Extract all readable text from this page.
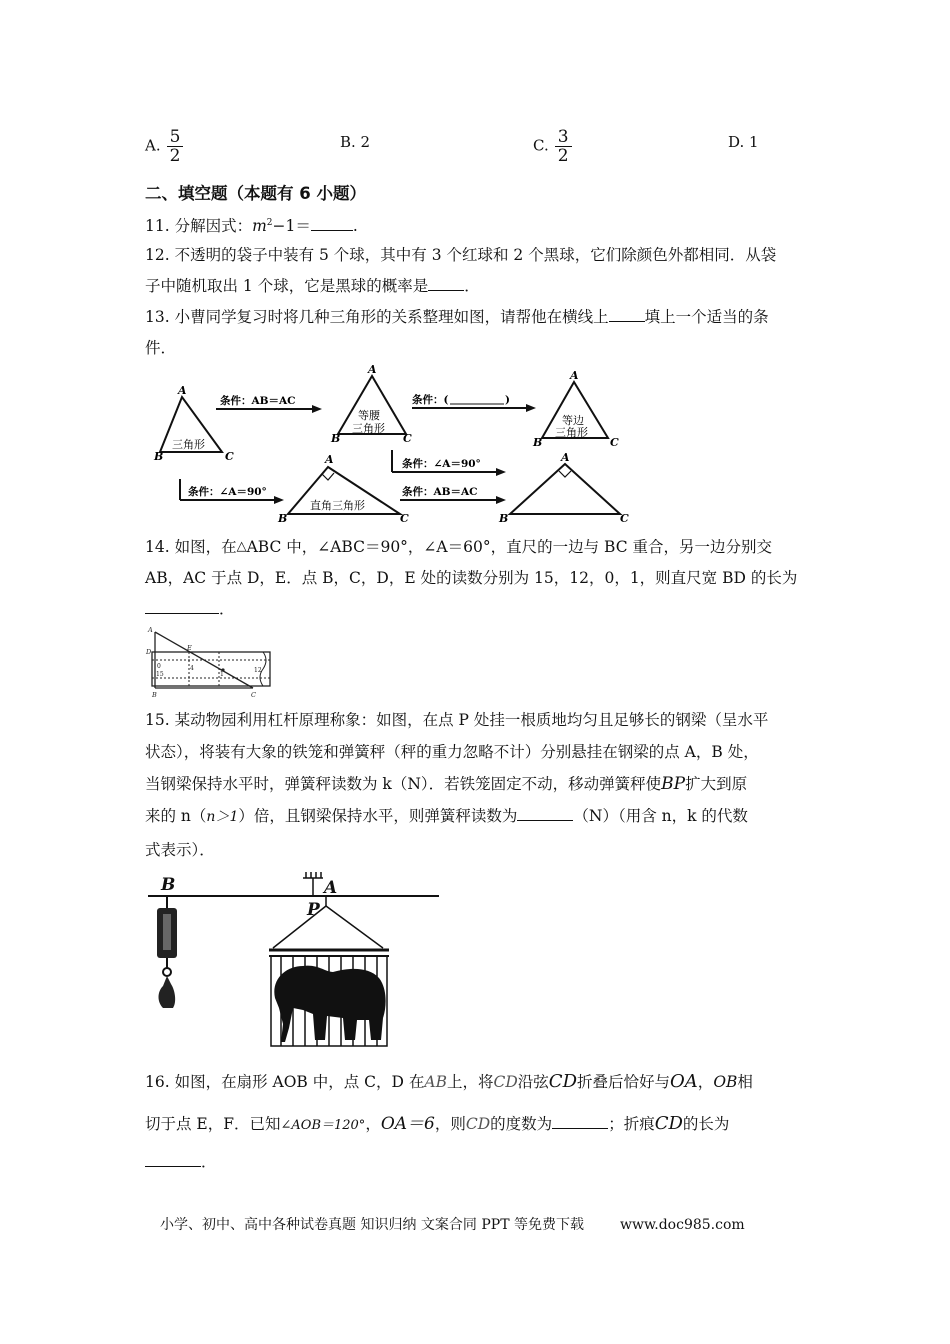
A. $\frac{5}{2}$	B. 2	C. $\frac{3}{2}$	D. 1
二、填空题（本题有 6 小题）
11. 分解因式：$m^2-1=$	.
12. 不透明的袋子中装有 5 个球，其中有 3 个红球和 2 个黑球，它们除颜色外都相同．从袋
子中随机取出 1 个球，它是黑球的概率是 ．
13. 小曹同学复习时将几种三角形的关系整理如图，请帮他在横线上 填上一个适当的条
件．
A
B	C
A
B	C
A
B	C
A
B	C
A
B	C
条件：AB＝AC	条件：(	)
条件：∠A＝90°
条件：∠A＝90°	条件：AB＝AC
三角形
等腰
三角形
等边
三角形
直角三角形
14. 如图，在△ABC 中，∠ABC＝90°，∠A＝60°，直尺的一边与 BC 重合，另一边分别交
AB，AC 于点 D，E．点 B，C，D，E 处的读数分别为 15，12，0，1，则直尺宽 BD 的长为
．
A
D	E
B	C
0
15
4
1
12
15. 某动物园利用杠杆原理称象：如图，在点 P 处挂一根质地均匀且足够长的钢梁（呈水平
状态），将装有大象的铁笼和弹簧秤（秤的重力忽略不计）分别悬挂在钢梁的点 A，B 处，
当钢梁保持水平时，弹簧秤读数为 k（N）．若铁笼固定不动，移动弹簧秤使BP扩大到原
来的 n（n＞1）倍，且钢梁保持水平，则弹簧秤读数为	（N）（用含 n，k 的代数
式表示）．
B	A
P
16. 如图，在扇形 AOB 中，点 C，D 在AB上，将CD沿弦CD折叠后恰好与OA，OB相
切于点 E，F．已知∠AOB＝120°，OA＝6，则CD的度数为	；折痕CD的长为
．
小学、初中、高中各种试卷真题 知识归纳 文案合同 PPT 等免费下载	www.doc985.com
